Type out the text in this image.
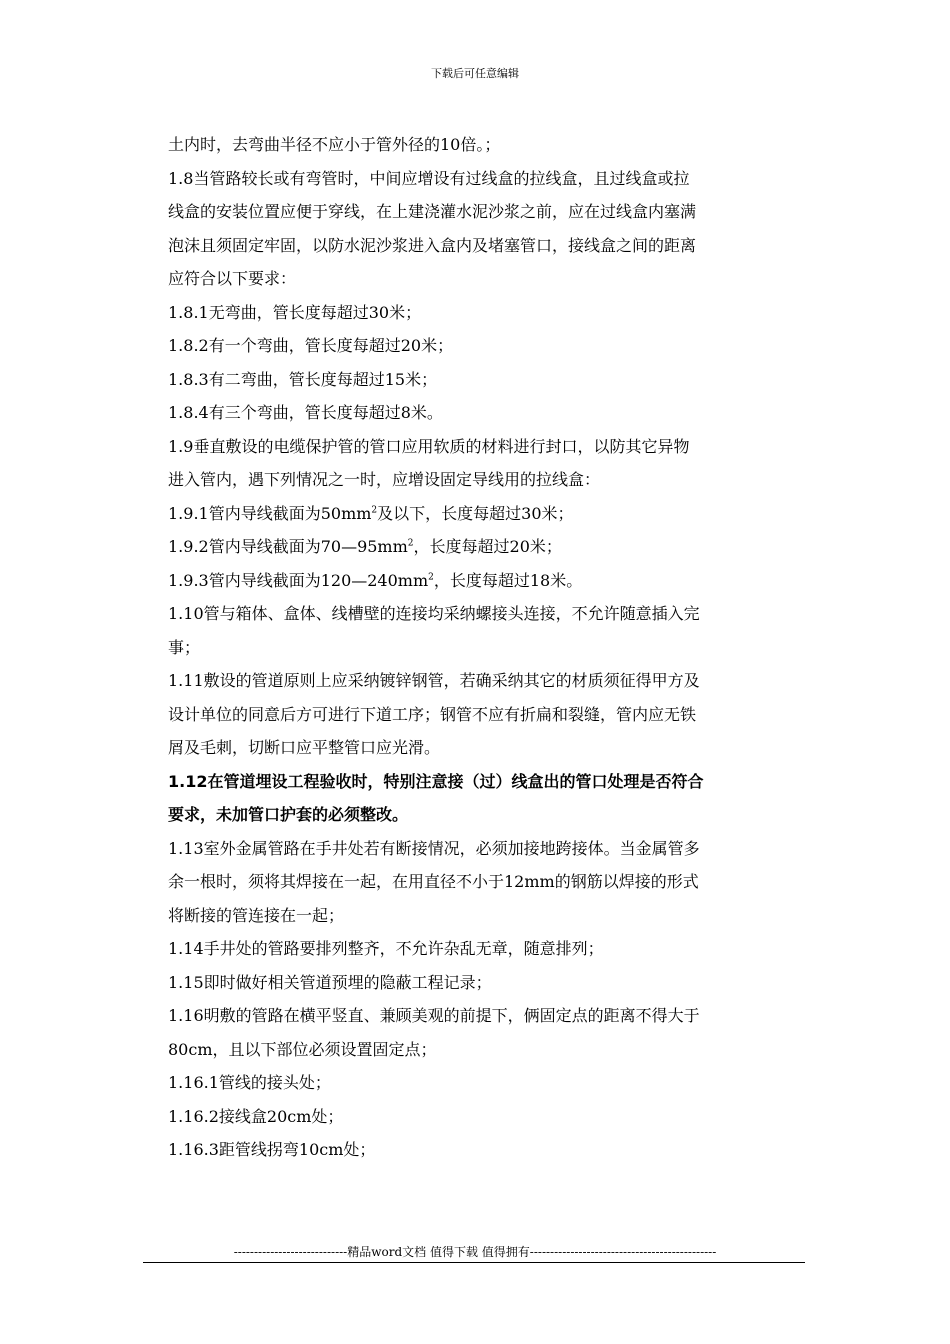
下载后可任意编辑

土内时，去弯曲半径不应小于管外径的10倍。；

1.8当管路较长或有弯管时，中间应增设有过线盒的拉线盒，且过线盒或拉

线盒的安装位置应便于穿线，在上建浇灌水泥沙浆之前，应在过线盒内塞满

泡沫且须固定牢固，以防水泥沙浆进入盒内及堵塞管口，接线盒之间的距离

应符合以下要求：

1.8.1无弯曲，管长度每超过30米；

1.8.2有一个弯曲，管长度每超过20米；

1.8.3有二弯曲，管长度每超过15米；

1.8.4有三个弯曲，管长度每超过8米。

1.9垂直敷设的电缆保护管的管口应用软质的材料进行封口，以防其它异物

进入管内，遇下列情况之一时，应增设固定导线用的拉线盒：

1.9.1管内导线截面为$50mm^2$及以下，长度每超过30米；

1.9.2管内导线截面为$70—95mm^2$，长度每超过20米；

1.9.3管内导线截面为$120—240mm^2$，长度每超过18米。

1.10管与箱体、盒体、线槽壁的连接均采纳螺接头连接，不允许随意插入完

事；

1.11敷设的管道原则上应采纳镀锌钢管，若确采纳其它的材质须征得甲方及

设计单位的同意后方可进行下道工序；钢管不应有折扁和裂缝，管内应无铁

屑及毛刺，切断口应平整管口应光滑。

1.12在管道埋设工程验收时，特别注意接（过）线盒出的管口处理是否符合

要求，未加管口护套的必须整改。

1.13室外金属管路在手井处若有断接情况，必须加接地跨接体。当金属管多

余一根时，须将其焊接在一起，在用直径不小于12mm的钢筋以焊接的形式

将断接的管连接在一起；

1.14手井处的管路要排列整齐，不允许杂乱无章，随意排列；

1.15即时做好相关管道预埋的隐蔽工程记录；

1.16明敷的管路在横平竖直、兼顾美观的前提下，俩固定点的距离不得大于

80cm，且以下部位必须设置固定点；

1.16.1管线的接头处；

1.16.2接线盒20cm处；

1.16.3距管线拐弯10cm处；

----------------------------精品word文档 值得下载 值得拥有----------------------------------------------
